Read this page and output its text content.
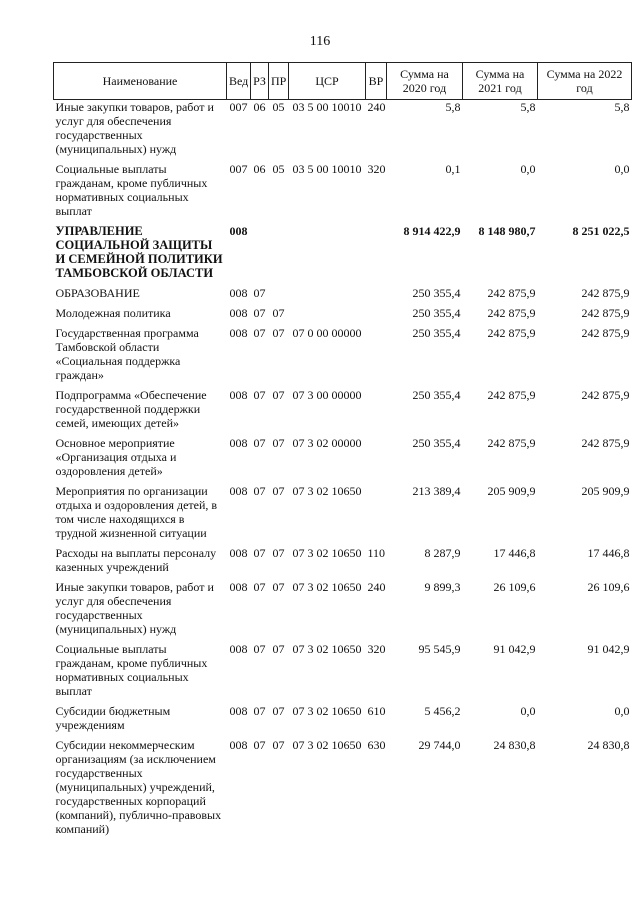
116
Наименование	Вед	РЗ	ПР	ЦСР	ВР	Сумма на 2020 год	Сумма на 2021 год	Сумма на 2022 год
Иные закупки товаров, работ и услуг для обеспечения государственных (муниципальных) нужд	007	06	05	03 5 00 10010	240	5,8	5,8	5,8
Социальные выплаты гражданам, кроме публичных нормативных социальных выплат	007	06	05	03 5 00 10010	320	0,1	0,0	0,0
УПРАВЛЕНИЕ СОЦИАЛЬНОЙ ЗАЩИТЫ И СЕМЕЙНОЙ ПОЛИТИКИ ТАМБОВСКОЙ ОБЛАСТИ	008					8 914 422,9	8 148 980,7	8 251 022,5
ОБРАЗОВАНИЕ	008	07				250 355,4	242 875,9	242 875,9
Молодежная политика	008	07	07			250 355,4	242 875,9	242 875,9
Государственная программа Тамбовской области «Социальная поддержка граждан»	008	07	07	07 0 00 00000		250 355,4	242 875,9	242 875,9
Подпрограмма «Обеспечение государственной поддержки семей, имеющих детей»	008	07	07	07 3 00 00000		250 355,4	242 875,9	242 875,9
Основное мероприятие «Организация отдыха и оздоровления детей»	008	07	07	07 3 02 00000		250 355,4	242 875,9	242 875,9
Мероприятия по организации отдыха и оздоровления детей, в том числе находящихся в трудной жизненной ситуации	008	07	07	07 3 02 10650		213 389,4	205 909,9	205 909,9
Расходы на выплаты персоналу казенных учреждений	008	07	07	07 3 02 10650	110	8 287,9	17 446,8	17 446,8
Иные закупки товаров, работ и услуг для обеспечения государственных (муниципальных) нужд	008	07	07	07 3 02 10650	240	9 899,3	26 109,6	26 109,6
Социальные выплаты гражданам, кроме публичных нормативных социальных выплат	008	07	07	07 3 02 10650	320	95 545,9	91 042,9	91 042,9
Субсидии бюджетным учреждениям	008	07	07	07 3 02 10650	610	5 456,2	0,0	0,0
Субсидии некоммерческим организациям (за исключением государственных (муниципальных) учреждений, государственных корпораций (компаний), публично-правовых компаний)	008	07	07	07 3 02 10650	630	29 744,0	24 830,8	24 830,8
